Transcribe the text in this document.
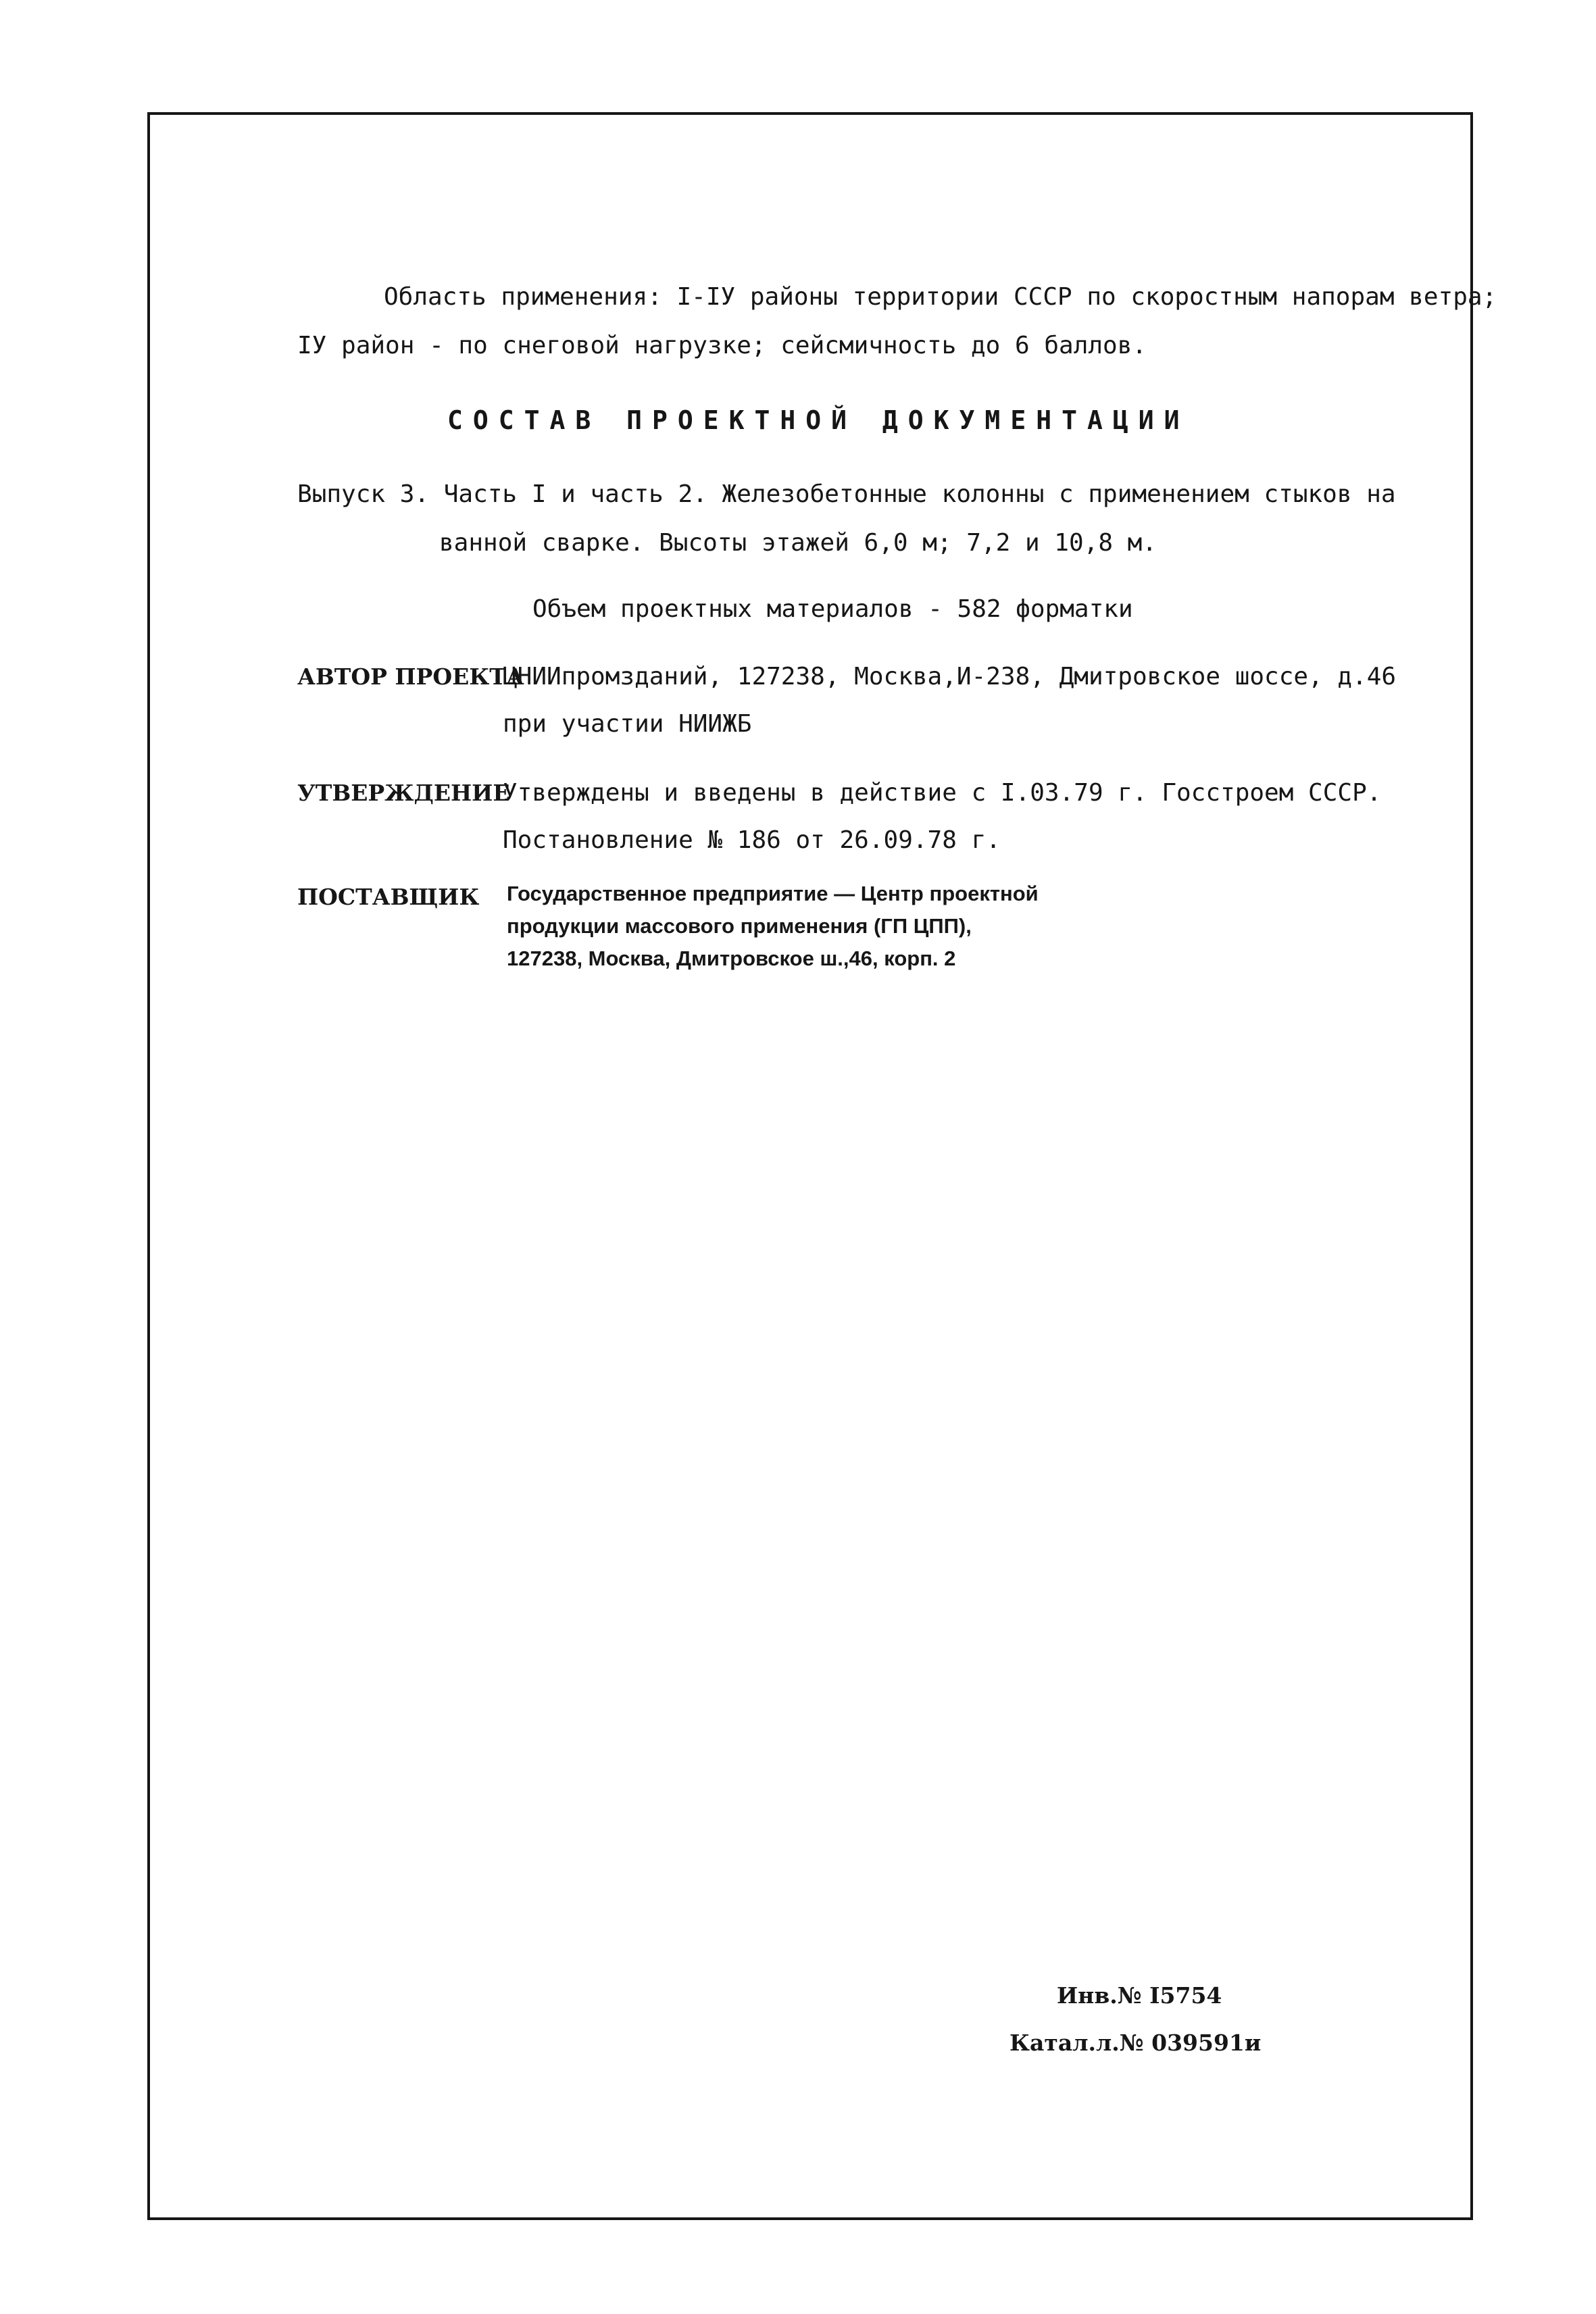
Область применения: I-IУ районы территории СССР по скоростным напорам ветра;
IУ район - по снеговой нагрузке; сейсмичность до 6 баллов.
СОСТАВ ПРОЕКТНОЙ ДОКУМЕНТАЦИИ
Выпуск 3. Часть I и часть 2. Железобетонные колонны с применением стыков на
ванной сварке. Высоты этажей 6,0 м; 7,2 и 10,8 м.
Объем проектных материалов - 582 форматки
АВТОР ПРОЕКТА
ЦНИИпромзданий, 127238, Москва,И-238, Дмитровское шоссе, д.46
при участии НИИЖБ
УТВЕРЖДЕНИЕ
Утверждены и введены в действие с I.03.79 г. Госстроем СССР.
Постановление № 186 от 26.09.78 г.
ПОСТАВЩИК Государственное предприятие — Центр проектной
продукции массового применения (ГП ЦПП),
127238, Москва, Дмитровское ш.,46, корп. 2
Инв.№ I5754
Катал.л.№ 039591и
